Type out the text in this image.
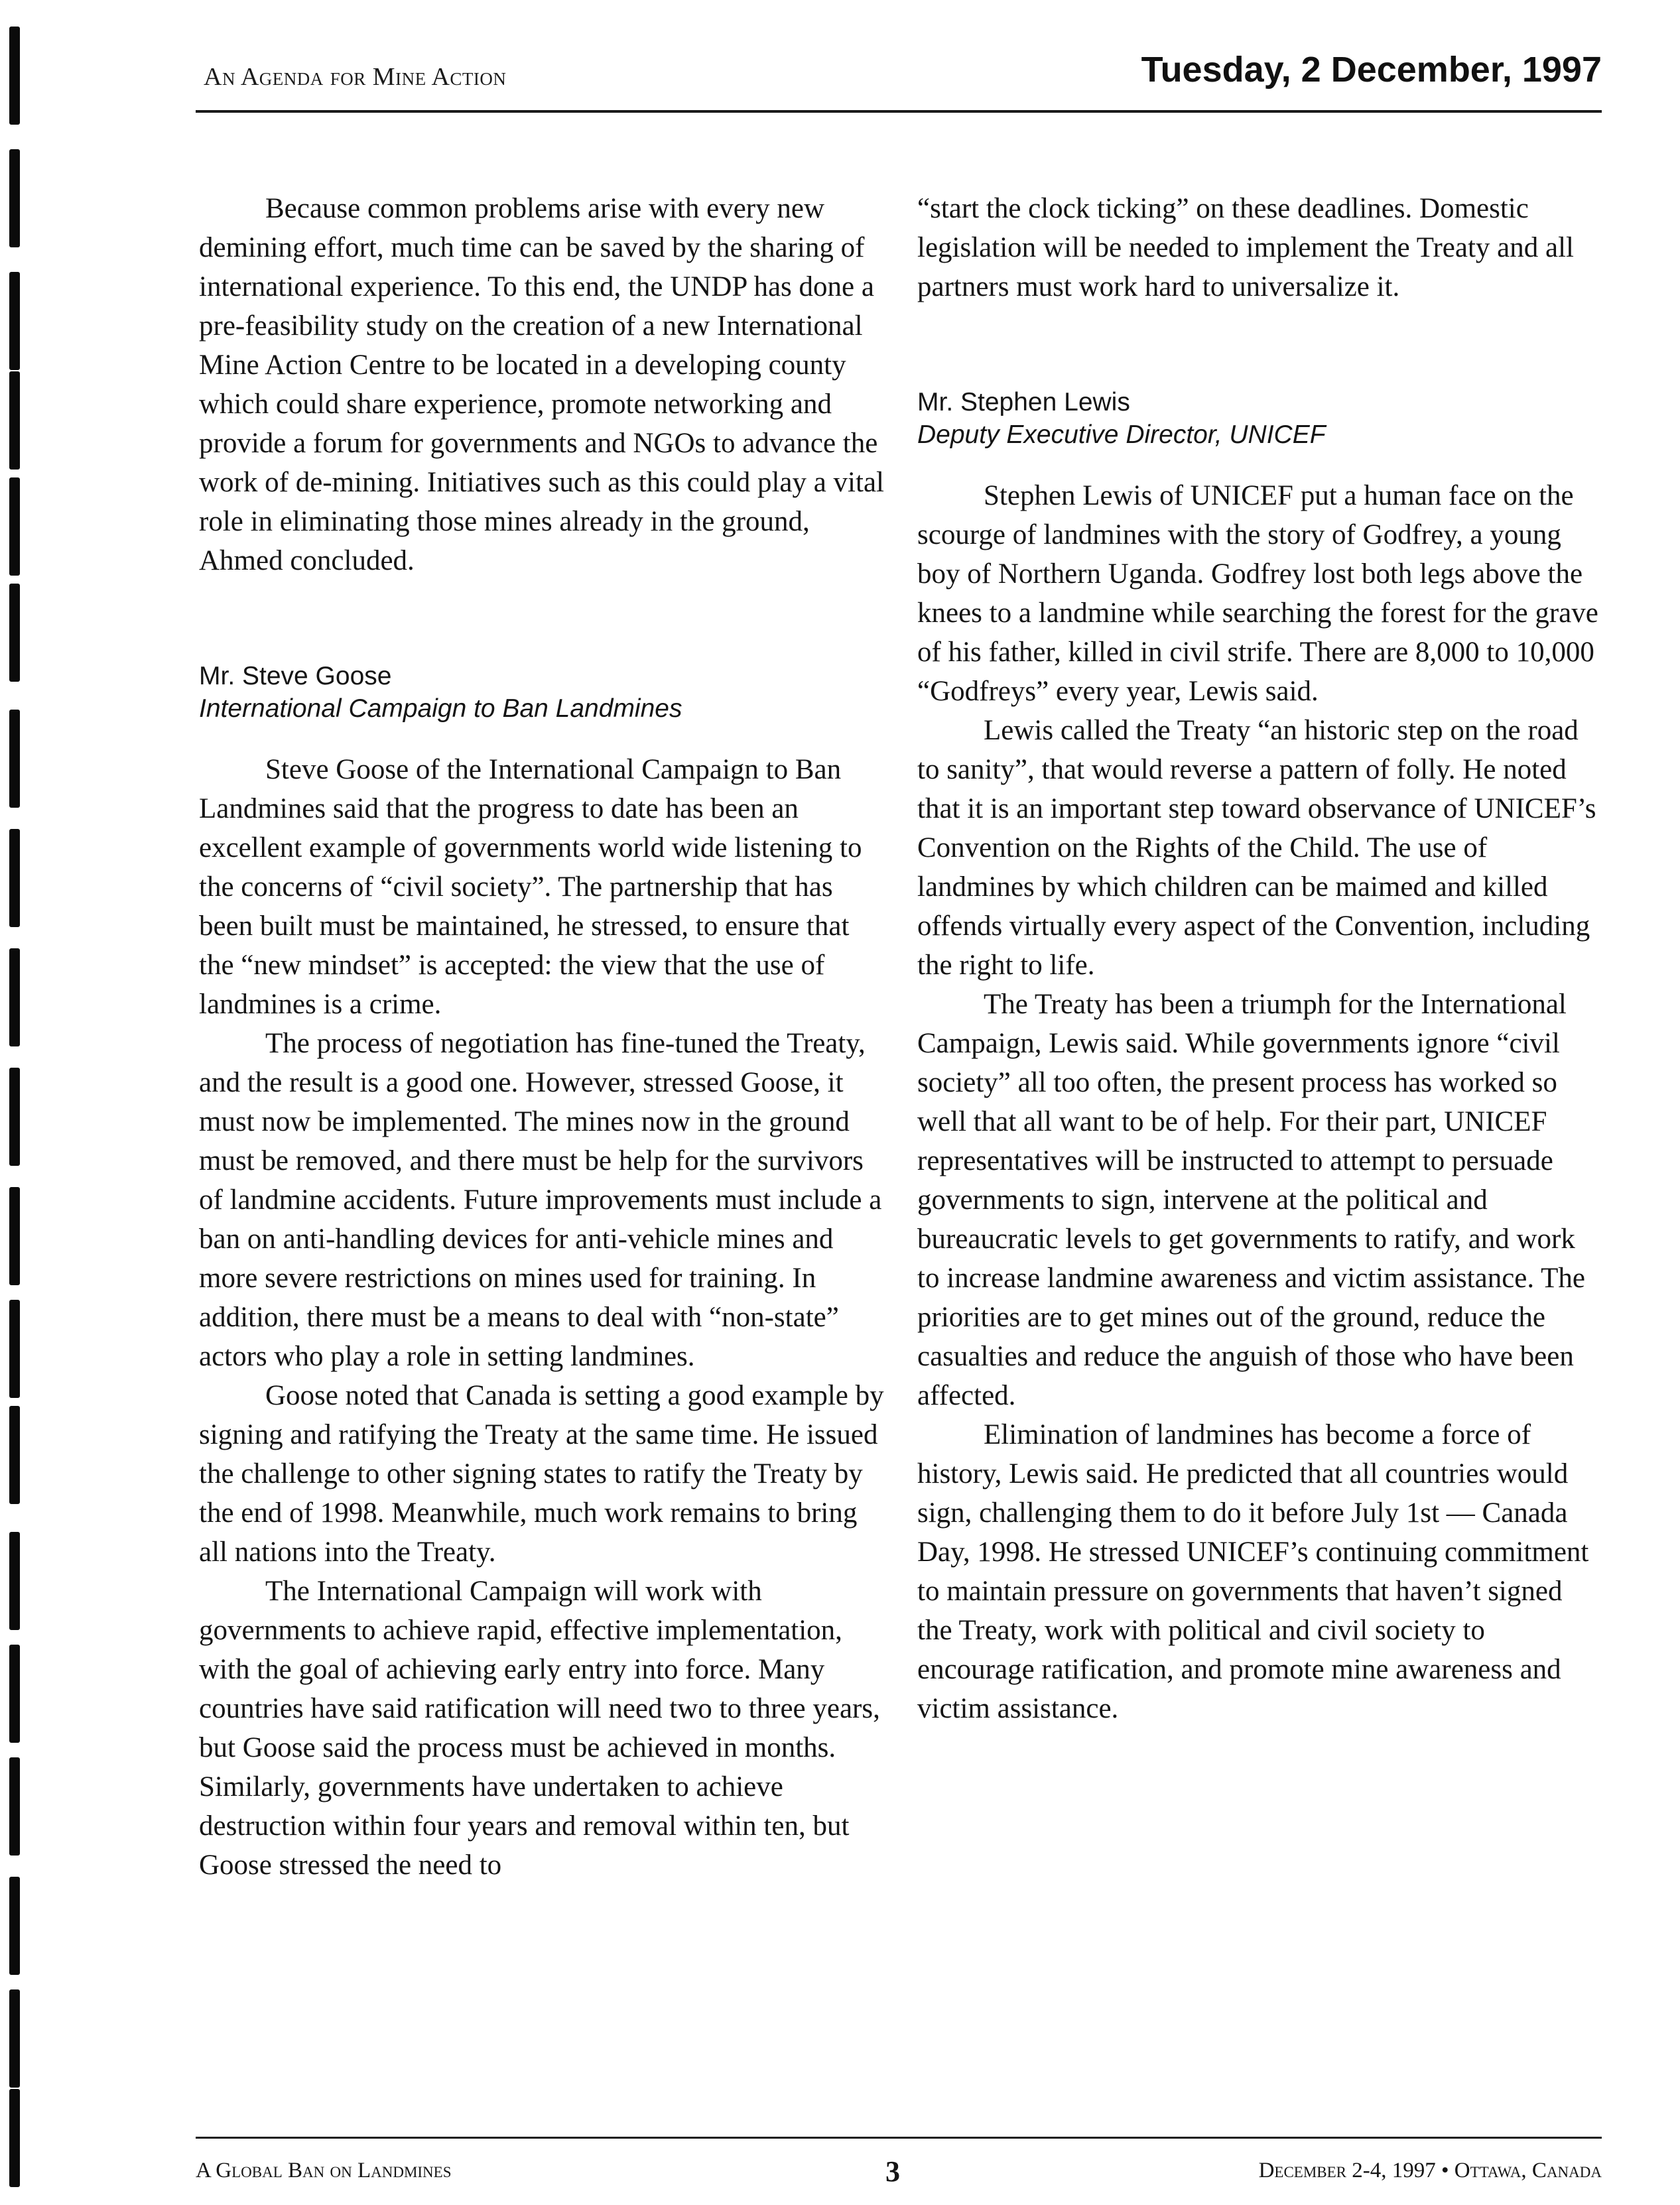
An Agenda for Mine Action	Tuesday, 2 December, 1997

Because common problems arise with every new demining effort, much time can be saved by the sharing of international experience. To this end, the UNDP has done a pre-feasibility study on the creation of a new International Mine Action Centre to be located in a developing county which could share experience, promote networking and provide a forum for governments and NGOs to advance the work of de-mining. Initiatives such as this could play a vital role in eliminating those mines already in the ground, Ahmed concluded.

Mr. Steve Goose
International Campaign to Ban Landmines

Steve Goose of the International Campaign to Ban Landmines said that the progress to date has been an excellent example of governments world wide listening to the concerns of “civil society”. The partnership that has been built must be maintained, he stressed, to ensure that the “new mindset” is accepted: the view that the use of landmines is a crime.

The process of negotiation has fine-tuned the Treaty, and the result is a good one. However, stressed Goose, it must now be implemented. The mines now in the ground must be removed, and there must be help for the survivors of landmine accidents. Future improvements must include a ban on anti-handling devices for anti-vehicle mines and more severe restrictions on mines used for training. In addition, there must be a means to deal with “non-state” actors who play a role in setting landmines.

Goose noted that Canada is setting a good example by signing and ratifying the Treaty at the same time. He issued the challenge to other signing states to ratify the Treaty by the end of 1998. Meanwhile, much work remains to bring all nations into the Treaty.

The International Campaign will work with governments to achieve rapid, effective implementation, with the goal of achieving early entry into force. Many countries have said ratification will need two to three years, but Goose said the process must be achieved in months. Similarly, governments have undertaken to achieve destruction within four years and removal within ten, but Goose stressed the need to

“start the clock ticking” on these deadlines. Domestic legislation will be needed to implement the Treaty and all partners must work hard to universalize it.

Mr. Stephen Lewis
Deputy Executive Director, UNICEF

Stephen Lewis of UNICEF put a human face on the scourge of landmines with the story of Godfrey, a young boy of Northern Uganda. Godfrey lost both legs above the knees to a landmine while searching the forest for the grave of his father, killed in civil strife. There are 8,000 to 10,000 “Godfreys” every year, Lewis said.

Lewis called the Treaty “an historic step on the road to sanity”, that would reverse a pattern of folly. He noted that it is an important step toward observance of UNICEF’s Convention on the Rights of the Child. The use of landmines by which children can be maimed and killed offends virtually every aspect of the Convention, including the right to life.

The Treaty has been a triumph for the International Campaign, Lewis said. While governments ignore “civil society” all too often, the present process has worked so well that all want to be of help. For their part, UNICEF representatives will be instructed to attempt to persuade governments to sign, intervene at the political and bureaucratic levels to get governments to ratify, and work to increase landmine awareness and victim assistance. The priorities are to get mines out of the ground, reduce the casualties and reduce the anguish of those who have been affected.

Elimination of landmines has become a force of history, Lewis said. He predicted that all countries would sign, challenging them to do it before July 1st — Canada Day, 1998. He stressed UNICEF’s continuing commitment to maintain pressure on governments that haven’t signed the Treaty, work with political and civil society to encourage ratification, and promote mine awareness and victim assistance.

A Global Ban on Landmines	3	December 2-4, 1997 • Ottawa, Canada
